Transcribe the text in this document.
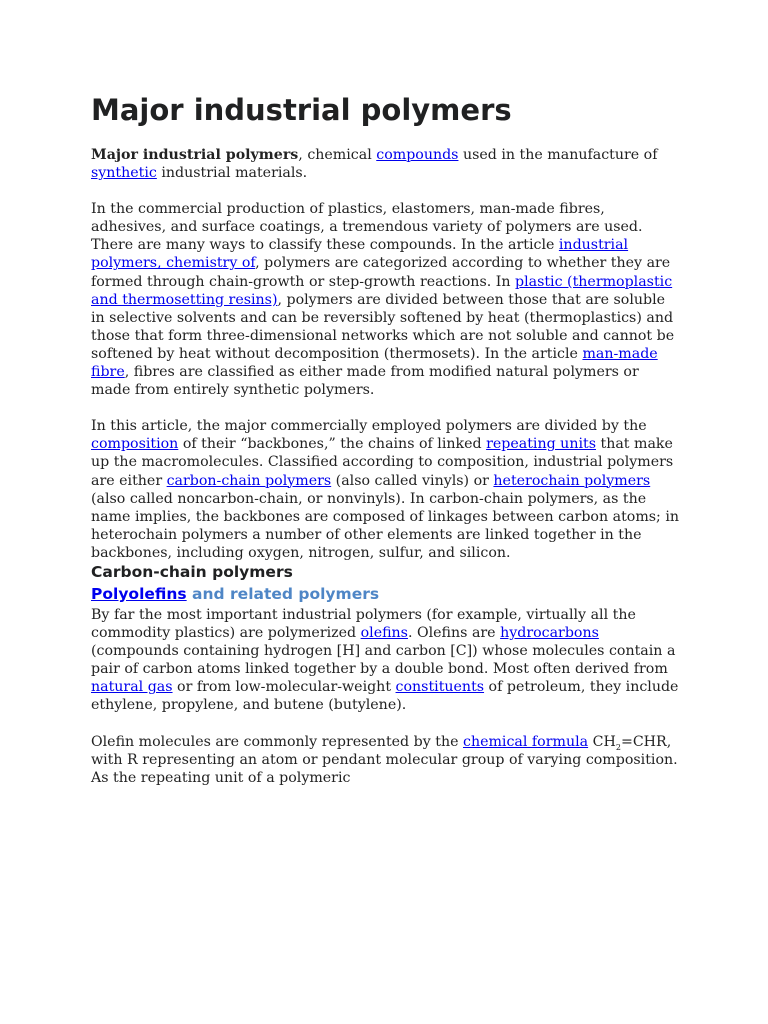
Major industrial polymers

Major industrial polymers, chemical compounds used in the manufacture of synthetic industrial materials.

In the commercial production of plastics, elastomers, man-made fibres, adhesives, and surface coatings, a tremendous variety of polymers are used. There are many ways to classify these compounds. In the article industrial polymers, chemistry of, polymers are categorized according to whether they are formed through chain-growth or step-growth reactions. In plastic (thermoplastic and thermosetting resins), polymers are divided between those that are soluble in selective solvents and can be reversibly softened by heat (thermoplastics) and those that form three-dimensional networks which are not soluble and cannot be softened by heat without decomposition (thermosets). In the article man-made fibre, fibres are classified as either made from modified natural polymers or made from entirely synthetic polymers.

In this article, the major commercially employed polymers are divided by the composition of their “backbones,” the chains of linked repeating units that make up the macromolecules. Classified according to composition, industrial polymers are either carbon-chain polymers (also called vinyls) or heterochain polymers (also called noncarbon-chain, or nonvinyls). In carbon-chain polymers, as the name implies, the backbones are composed of linkages between carbon atoms; in heterochain polymers a number of other elements are linked together in the backbones, including oxygen, nitrogen, sulfur, and silicon.

Carbon-chain polymers
Polyolefins and related polymers

By far the most important industrial polymers (for example, virtually all the commodity plastics) are polymerized olefins. Olefins are hydrocarbons (compounds containing hydrogen [H] and carbon [C]) whose molecules contain a pair of carbon atoms linked together by a double bond. Most often derived from natural gas or from low-molecular-weight constituents of petroleum, they include ethylene, propylene, and butene (butylene).

Olefin molecules are commonly represented by the chemical formula $CH_2=CHR$, with R representing an atom or pendant molecular group of varying composition. As the repeating unit of a polymeric
